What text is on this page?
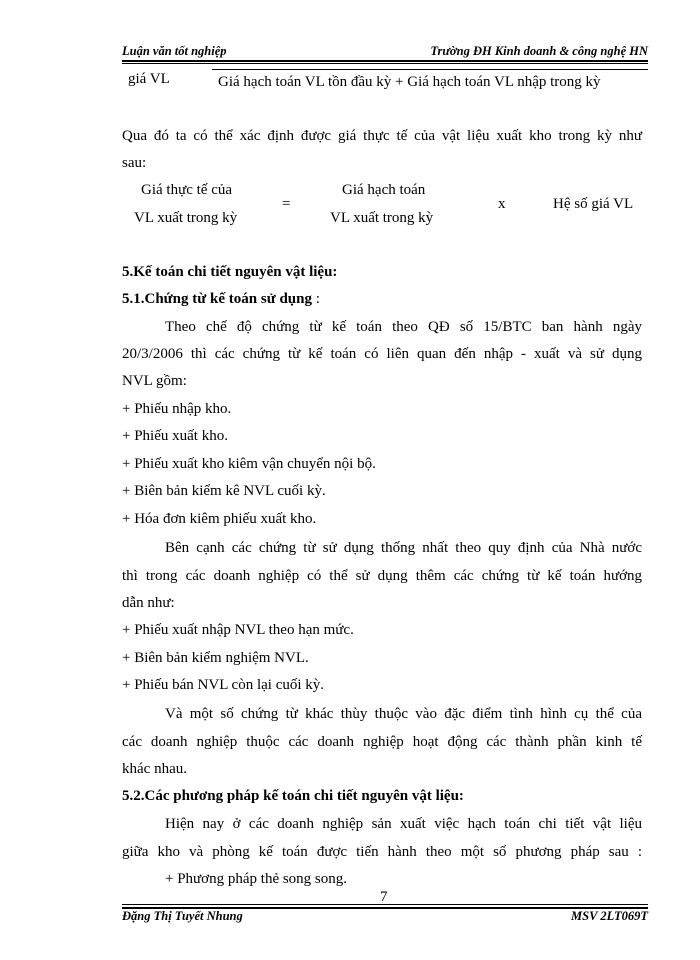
Luận văn tốt nghiệp	Trường ĐH Kinh doanh & công nghệ HN
giá VL	Giá hạch toán VL tồn đầu kỳ + Giá hạch toán VL nhập trong kỳ
Qua đó ta có thể xác định được giá thực tế của vật liệu xuất kho trong kỳ như
sau:
Giá thực tế của
VL xuất trong kỳ
=
Giá hạch toán
VL xuất trong kỳ
x	Hệ số giá VL
5.Kế toán chi tiết nguyên vật liệu:
5.1.Chứng từ kế toán sử dụng :
Theo chế độ chứng từ kế toán theo QĐ số 15/BTC ban hành ngày
20/3/2006 thì các chứng từ kế toán có liên quan đến nhập - xuất và sử dụng
NVL gồm:
+ Phiếu nhập kho.
+ Phiếu xuất kho.
+ Phiếu xuất kho kiêm vận chuyển nội bộ.
+ Biên bản kiểm kê NVL cuối kỳ.
+ Hóa đơn kiêm phiếu xuất kho.
Bên cạnh các chứng từ sử dụng thống nhất theo quy định của Nhà nước
thì trong các doanh nghiệp có thể sử dụng thêm các chứng từ kế toán hướng
dẫn như:
+ Phiếu xuất nhập NVL theo hạn mức.
+ Biên bản kiểm nghiệm NVL.
+ Phiếu bán NVL còn lại cuối kỳ.
Và một số chứng từ khác thùy thuộc vào đặc điểm tình hình cụ thể của
các doanh nghiệp thuộc các doanh nghiệp hoạt động các thành phần kinh tế
khác nhau.
5.2.Các phương pháp kế toán chi tiết nguyên vật liệu:
Hiện nay ở các doanh nghiệp sản xuất việc hạch toán chi tiết vật liệu
giữa kho và phòng kế toán được tiến hành theo một số phương pháp sau :
+ Phương pháp thẻ song song.
7
Đặng Thị Tuyết Nhung	MSV 2LT069T
